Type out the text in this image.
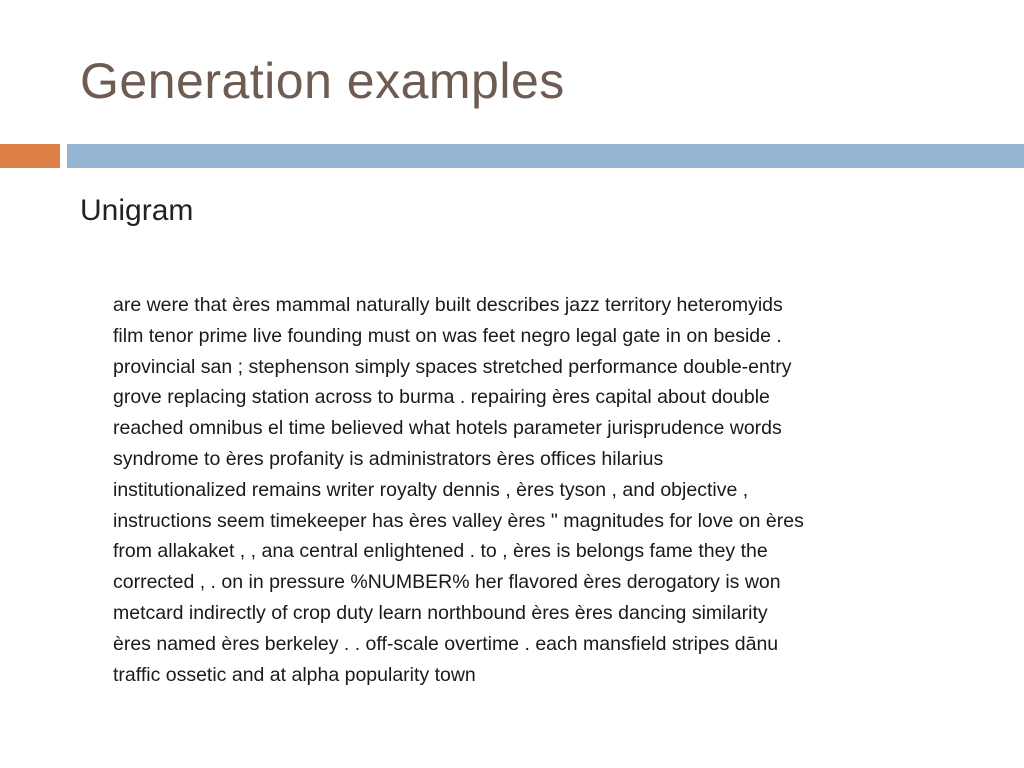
Generation examples
Unigram
are were that ères mammal naturally built describes jazz territory heteromyids
film tenor prime live founding must on was feet negro legal gate in on beside .
provincial san ; stephenson simply spaces stretched performance double-entry
grove replacing station across to burma . repairing ères capital about double
reached omnibus el time believed what hotels parameter jurisprudence words
syndrome to ères profanity is administrators ères offices hilarius
institutionalized remains writer royalty dennis , ères tyson , and objective ,
instructions seem timekeeper has ères valley ères " magnitudes for love on ères
from allakaket , , ana central enlightened . to , ères is belongs fame they the
corrected , . on in pressure %NUMBER% her flavored ères derogatory is won
metcard indirectly of crop duty learn northbound ères ères dancing similarity
ères named ères berkeley . . off-scale overtime . each mansfield stripes dānu
traffic ossetic and at alpha popularity town
